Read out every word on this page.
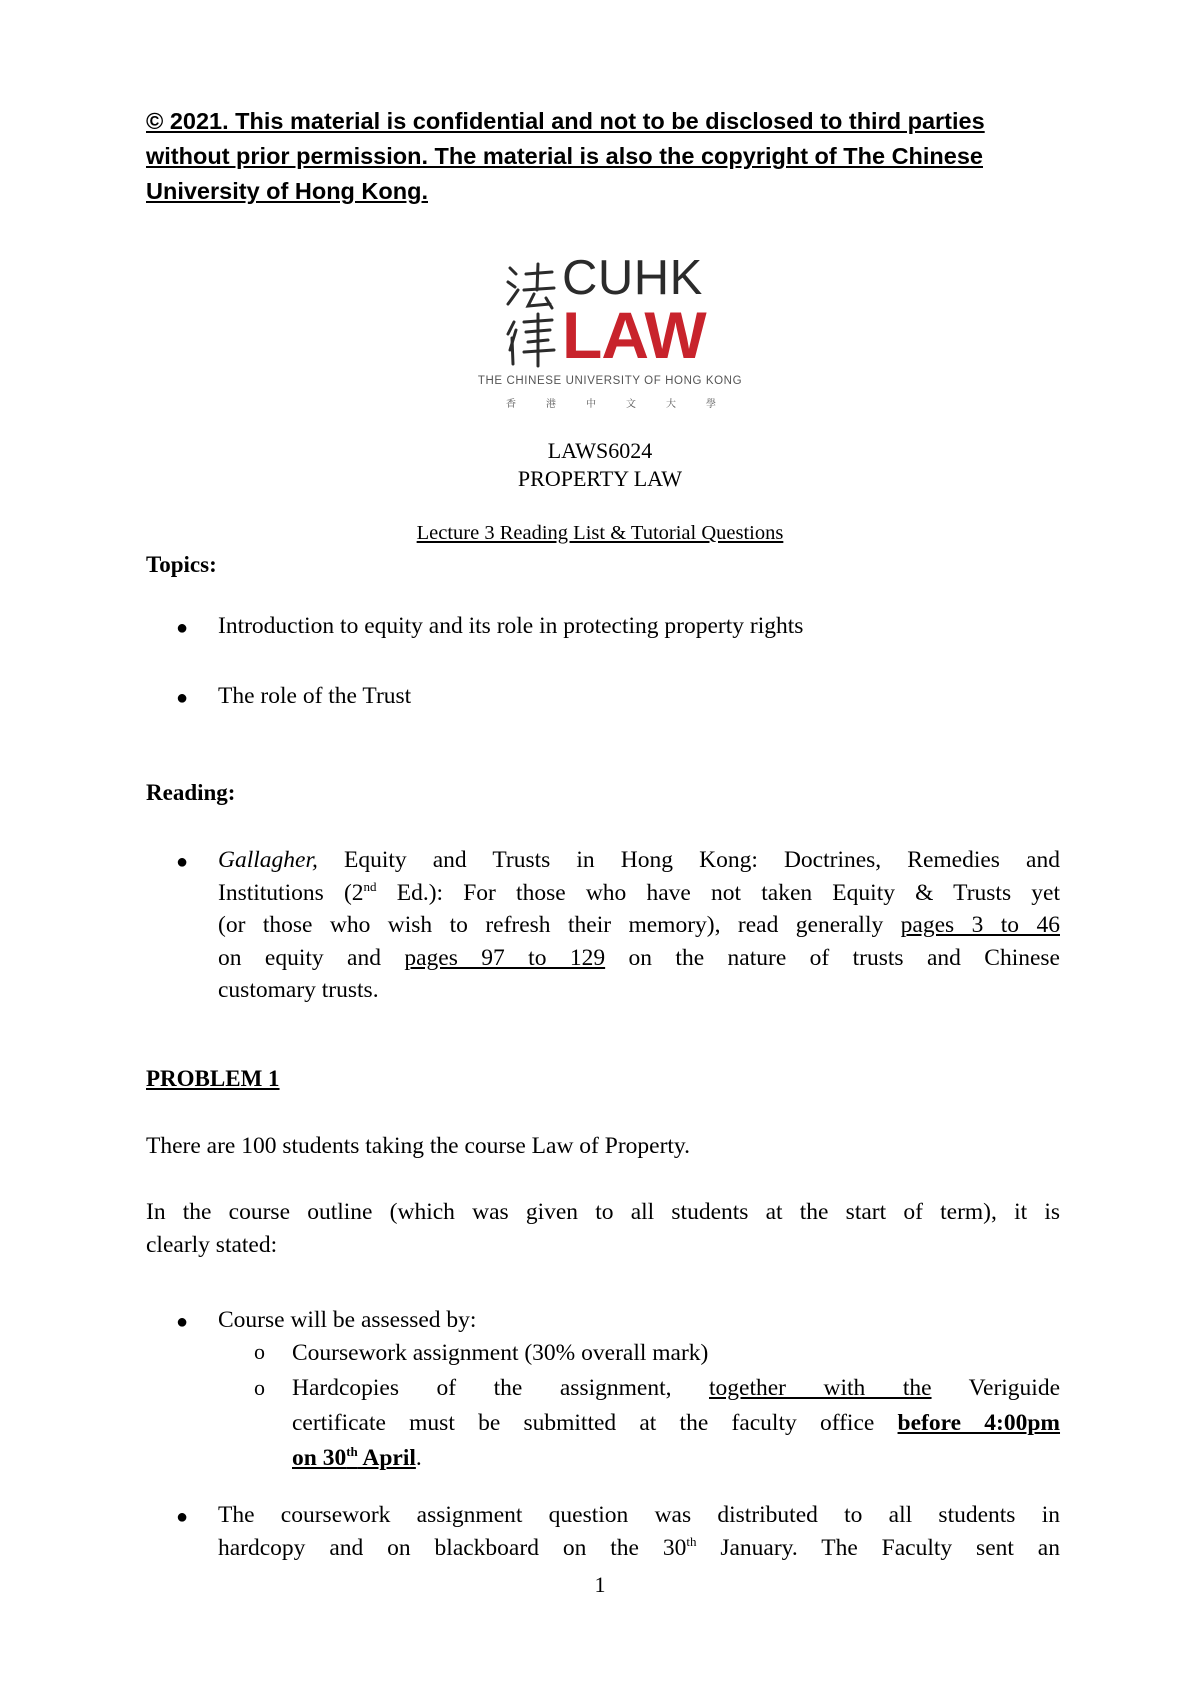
© 2021. This material is confidential and not to be disclosed to third parties
without prior permission. The material is also the copyright of The Chinese
University of Hong Kong.
CUHK
LAW
THE CHINESE UNIVERSITY OF HONG KONG
香	港	中	文	大	學
LAWS6024
PROPERTY LAW
Lecture 3 Reading List & Tutorial Questions
Topics:
● Introduction to equity and its role in protecting property rights
● The role of the Trust
Reading:
● Gallagher, Equity and Trusts in Hong Kong: Doctrines, Remedies and
Institutions (2nd Ed.): For those who have not taken Equity & Trusts yet
(or those who wish to refresh their memory), read generally pages 3 to 46
on equity and pages 97 to 129 on the nature of trusts and Chinese
customary trusts.
PROBLEM 1
There are 100 students taking the course Law of Property.
In the course outline (which was given to all students at the start of term), it is
clearly stated:
● Course will be assessed by:
o Coursework assignment (30% overall mark)
o Hardcopies of the assignment, together with the Veriguide
certificate must be submitted at the faculty office before 4:00pm
on 30th April.
● The coursework assignment question was distributed to all students in
hardcopy and on blackboard on the 30th January. The Faculty sent an
1
